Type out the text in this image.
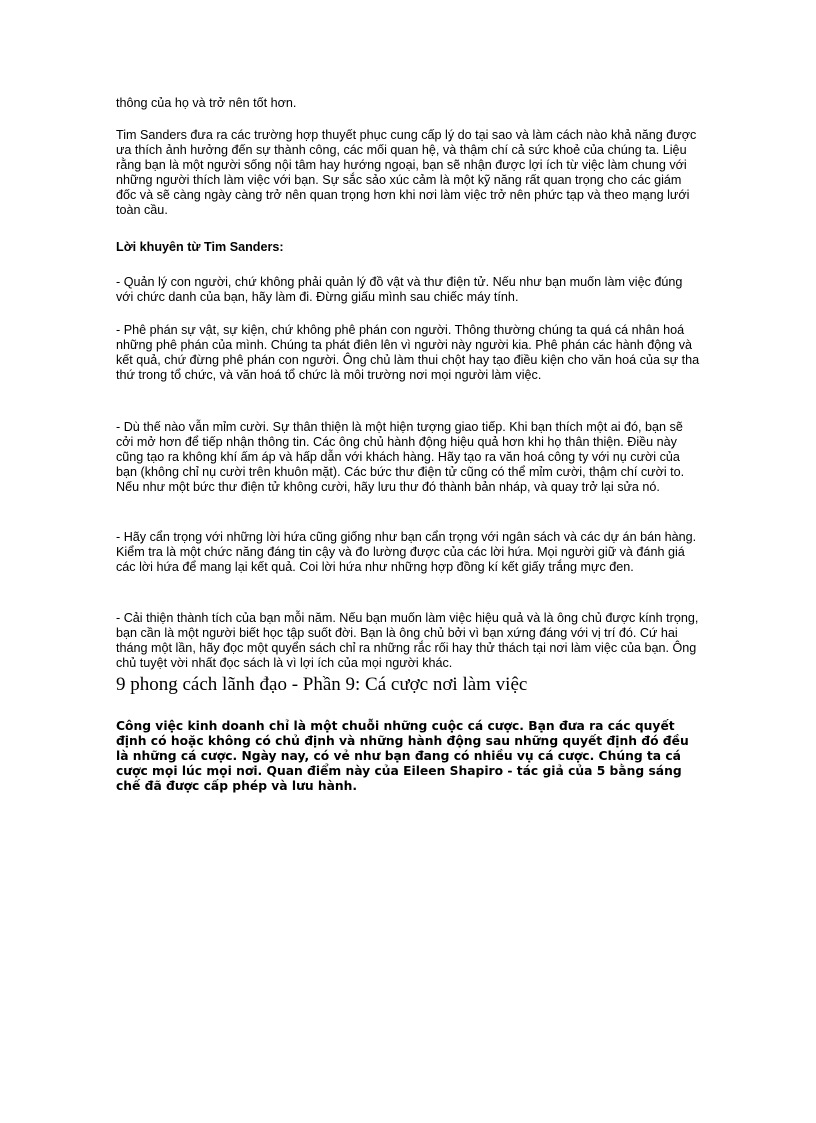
thông của họ và trở nên tốt hơn.

Tim Sanders đưa ra các trường hợp thuyết phục cung cấp lý do tại sao và làm cách nào khả năng được ưa thích ảnh hưởng đến sự thành công, các mối quan hệ, và thậm chí cả sức khoẻ của chúng ta. Liệu rằng bạn là một người sống nội tâm hay hướng ngoại, bạn sẽ nhận được lợi ích từ việc làm chung với những người thích làm việc với bạn. Sự sắc sảo xúc cảm là một kỹ năng rất quan trọng cho các giám đốc và sẽ càng ngày càng trở nên quan trọng hơn khi nơi làm việc trở nên phức tạp và theo mạng lưới toàn cầu.

Lời khuyên từ Tim Sanders:

- Quản lý con người, chứ không phải quản lý đồ vật và thư điện tử. Nếu như bạn muốn làm việc đúng với chức danh của bạn, hãy làm đi. Đừng giấu mình sau chiếc máy tính.

- Phê phán sự vật, sự kiện, chứ không phê phán con người. Thông thường chúng ta quá cá nhân hoá những phê phán của mình. Chúng ta phát điên lên vì người này người kia. Phê phán các hành động và kết quả, chứ đừng phê phán con người. Ông chủ làm thui chột hay tạo điều kiện cho văn hoá của sự tha thứ trong tổ chức, và văn hoá tổ chức là môi trường nơi mọi người làm việc.

- Dù thế nào vẫn mỉm cười. Sự thân thiện là một hiện tượng giao tiếp. Khi bạn thích một ai đó, bạn sẽ cởi mở hơn để tiếp nhận thông tin. Các ông chủ hành động hiệu quả hơn khi họ thân thiện. Điều này cũng tạo ra không khí ấm áp và hấp dẫn với khách hàng. Hãy tạo ra văn hoá công ty với nụ cười của bạn (không chỉ nụ cười trên khuôn mặt). Các bức thư điện tử cũng có thể mỉm cười, thậm chí cười to. Nếu như một bức thư điện tử không cười, hãy lưu thư đó thành bản nháp, và quay trở lại sửa nó.

- Hãy cẩn trọng với những lời hứa cũng giống như bạn cẩn trọng với ngân sách và các dự án bán hàng. Kiểm tra là một chức năng đáng tin cậy và đo lường được của các lời hứa. Mọi người giữ và đánh giá các lời hứa để mang lại kết quả. Coi lời hứa như những hợp đồng kí kết giấy trắng mực đen.

- Cải thiện thành tích của bạn mỗi năm. Nếu bạn muốn làm việc hiệu quả và là ông chủ được kính trọng, bạn cần là một người biết học tập suốt đời. Bạn là ông chủ bởi vì bạn xứng đáng với vị trí đó. Cứ hai tháng một lần, hãy đọc một quyển sách chỉ ra những rắc rối hay thử thách tại nơi làm việc của bạn. Ông chủ tuyệt vời nhất đọc sách là vì lợi ích của mọi người khác.

9 phong cách lãnh đạo - Phần 9: Cá cược nơi làm việc

Công việc kinh doanh chỉ là một chuỗi những cuộc cá cược. Bạn đưa ra các quyết định có hoặc không có chủ định và những hành động sau những quyết định đó đều là những cá cược. Ngày nay, có vẻ như bạn đang có nhiều vụ cá cược. Chúng ta cá cược mọi lúc mọi nơi. Quan điểm này của Eileen Shapiro - tác giả của 5 bằng sáng chế đã được cấp phép và lưu hành.
